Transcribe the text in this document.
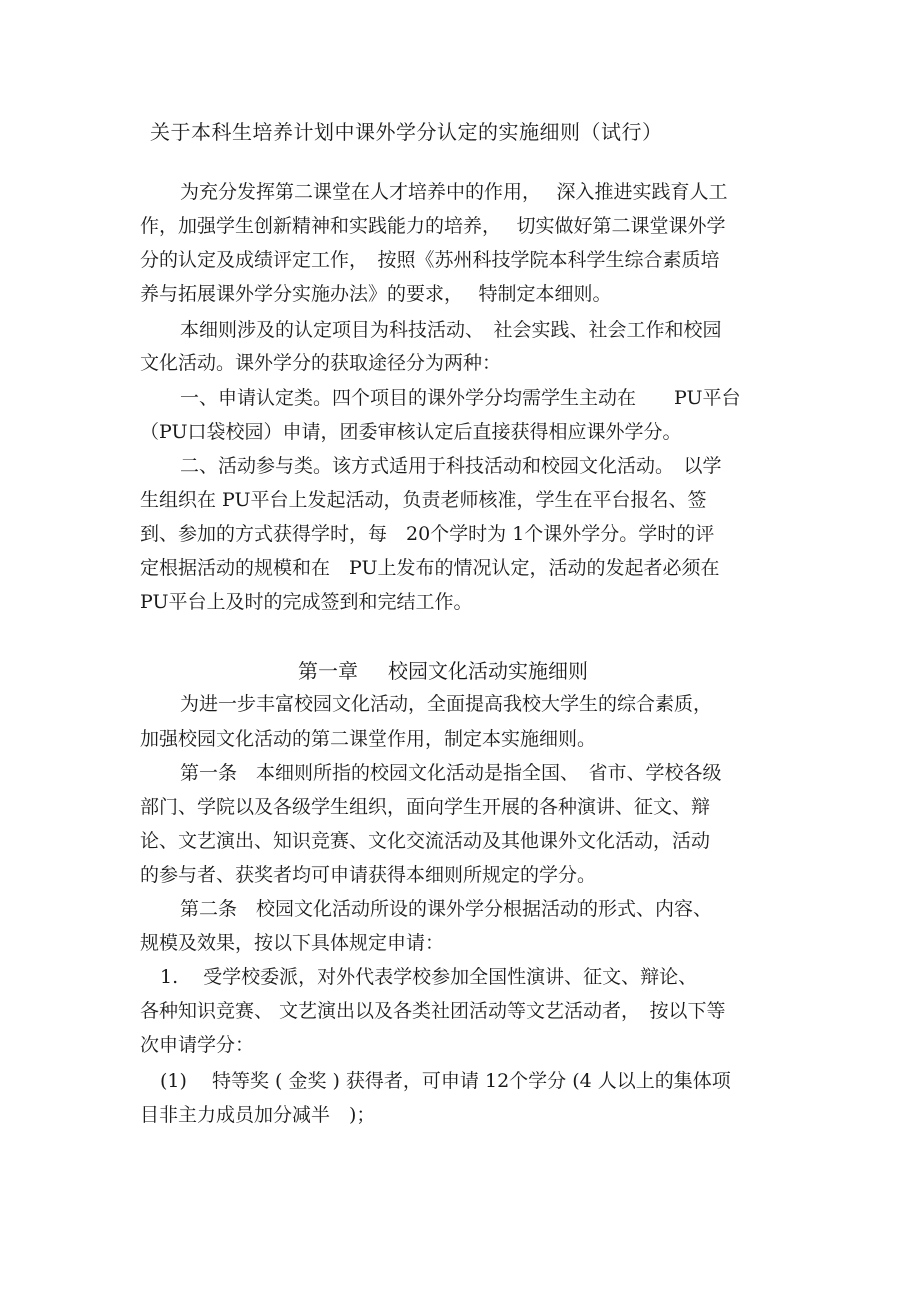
关于本科生培养计划中课外学分认定的实施细则（试行）
为充分发挥第二课堂在人才培养中的作用，　 深入推进实践育人工
作，加强学生创新精神和实践能力的培养，　 切实做好第二课堂课外学
分的认定及成绩评定工作，　按照《苏州科技学院本科学生综合素质培
养与拓展课外学分实施办法》的要求，　 特制定本细则。
本细则涉及的认定项目为科技活动、　社会实践、社会工作和校园
文化活动。课外学分的获取途径分为两种：
一、申请认定类。四个项目的课外学分均需学生主动在　　PU平台
（PU口袋校园）申请，团委审核认定后直接获得相应课外学分。
二、活动参与类。该方式适用于科技活动和校园文化活动。　以学
生组织在 PU平台上发起活动，负责老师核准，学生在平台报名、签
到、参加的方式获得学时，每　20个学时为 1个课外学分。学时的评
定根据活动的规模和在　PU上发布的情况认定，活动的发起者必须在
PU平台上及时的完成签到和完结工作。
第一章 校园文化活动实施细则
为进一步丰富校园文化活动，全面提高我校大学生的综合素质，
加强校园文化活动的第二课堂作用，制定本实施细则。
第一条　本细则所指的校园文化活动是指全国、　省市、学校各级
部门、学院以及各级学生组织，面向学生开展的各种演讲、征文、辩
论、文艺演出、知识竞赛、文化交流活动及其他课外文化活动，活动
的参与者、获奖者均可申请获得本细则所规定的学分。
第二条　校园文化活动所设的课外学分根据活动的形式、内容、
规模及效果，按以下具体规定申请：
1.　 受学校委派，对外代表学校参加全国性演讲、征文、辩论、
各种知识竞赛、 文艺演出以及各类社团活动等文艺活动者，　按以下等
次申请学分：
(1)　 特等奖 ( 金奖 ) 获得者，可申请 12个学分 (4 人以上的集体项
目非主力成员加分减半　)；
